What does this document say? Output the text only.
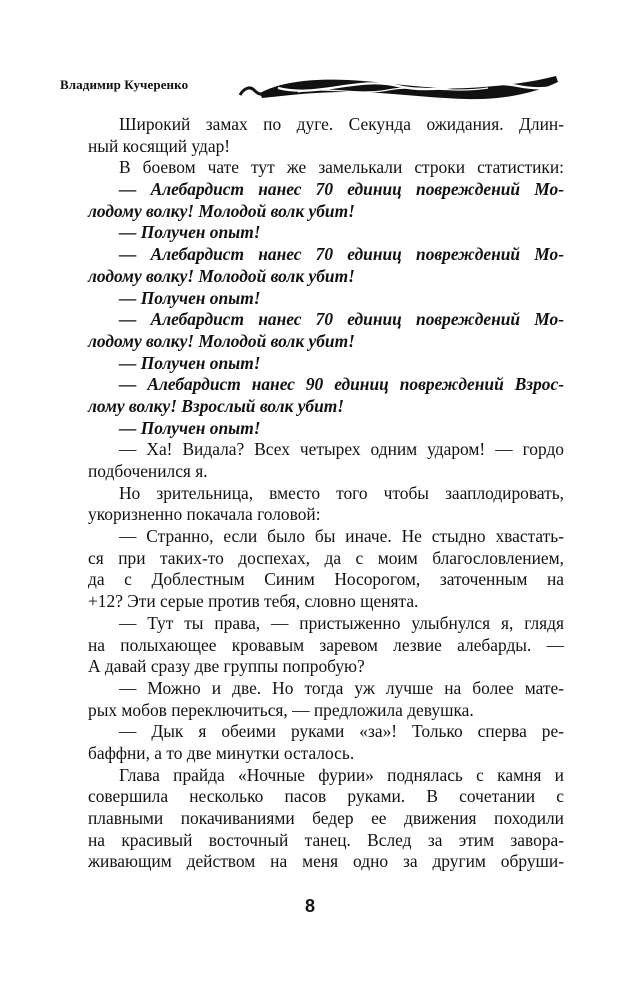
Владимир Кучеренко
Широкий замах по дуге. Секунда ожидания. Длин-
ный косящий удар!
В боевом чате тут же замелькали строки статистики:
— Алебардист нанес 70 единиц повреждений Мо-
лодому волку! Молодой волк убит!
— Получен опыт!
— Алебардист нанес 70 единиц повреждений Мо-
лодому волку! Молодой волк убит!
— Получен опыт!
— Алебардист нанес 70 единиц повреждений Мо-
лодому волку! Молодой волк убит!
— Получен опыт!
— Алебардист нанес 90 единиц повреждений Взрос-
лому волку! Взрослый волк убит!
— Получен опыт!
— Ха! Видала? Всех четырех одним ударом! — гордо
подбоченился я.
Но зрительница, вместо того чтобы зааплодировать,
укоризненно покачала головой:
— Странно, если было бы иначе. Не стыдно хвастать-
ся при таких-то доспехах, да с моим благословлением,
да с Доблестным Синим Носорогом, заточенным на
+12? Эти серые против тебя, словно щенята.
— Тут ты права, — пристыженно улыбнулся я, глядя
на полыхающее кровавым заревом лезвие алебарды. —
А давай сразу две группы попробую?
— Можно и две. Но тогда уж лучше на более мате-
рых мобов переключиться, — предложила девушка.
— Дык я обеими руками «за»! Только сперва ре-
баффни, а то две минутки осталось.
Глава прайда «Ночные фурии» поднялась с камня и
совершила несколько пасов руками. В сочетании с
плавными покачиваниями бедер ее движения походили
на красивый восточный танец. Вслед за этим завора-
живающим действом на меня одно за другим обруши-
8
